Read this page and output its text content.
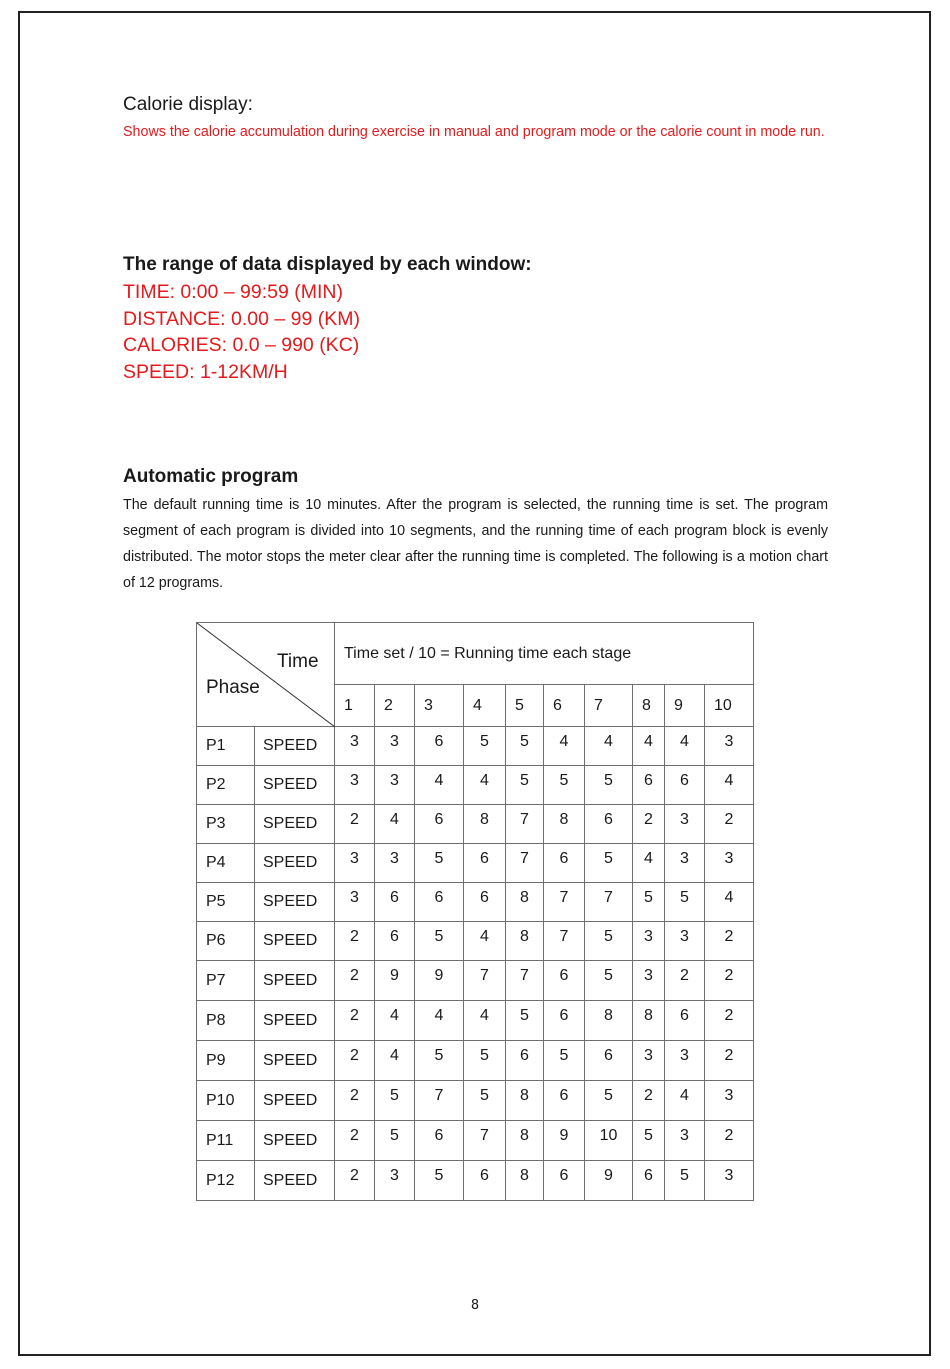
Calorie display:
Shows the calorie accumulation during exercise in manual and program mode or the calorie count in mode run.
The range of data displayed by each window:
TIME: 0:00 – 99:59 (MIN)
DISTANCE: 0.00 – 99 (KM)
CALORIES: 0.0 – 990 (KC)
SPEED: 1-12KM/H
Automatic program
The default running time is 10 minutes. After the program is selected, the running time is set. The program segment of each program is divided into 10 segments, and the running time of each program block is evenly distributed. The motor stops the meter clear after the running time is completed. The following is a motion chart of 12 programs.
Time
Phase		Time set / 10 = Running time each stage									
		1	2	3	4	5	6	7	8	9	10
P1	SPEED	3	3	6	5	5	4	4	4	4	3
P2	SPEED	3	3	4	4	5	5	5	6	6	4
P3	SPEED	2	4	6	8	7	8	6	2	3	2
P4	SPEED	3	3	5	6	7	6	5	4	3	3
P5	SPEED	3	6	6	6	8	7	7	5	5	4
P6	SPEED	2	6	5	4	8	7	5	3	3	2
P7	SPEED	2	9	9	7	7	6	5	3	2	2
P8	SPEED	2	4	4	4	5	6	8	8	6	2
P9	SPEED	2	4	5	5	6	5	6	3	3	2
P10	SPEED	2	5	7	5	8	6	5	2	4	3
P11	SPEED	2	5	6	7	8	9	10	5	3	2
P12	SPEED	2	3	5	6	8	6	9	6	5	3
8
